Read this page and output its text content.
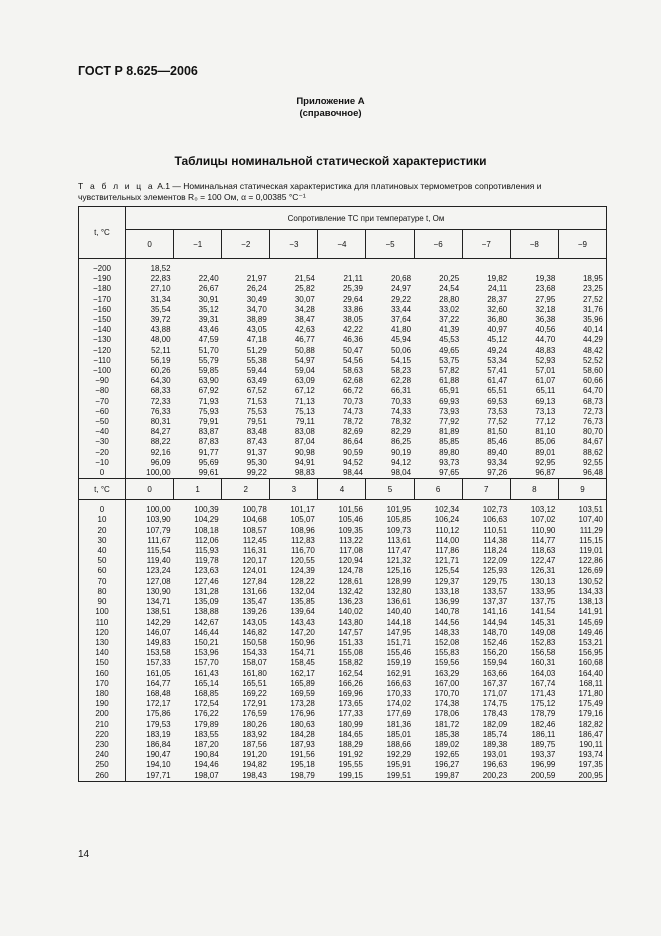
ГОСТ Р 8.625—2006
Приложение А
(справочное)
Таблицы номинальной статической характеристики
Т а б л и ц а А.1 — Номинальная статическая характеристика для платиновых термометров сопротивления и
чувствительных элементов R₀ = 100 Ом, α = 0,00385 °C⁻¹
t, °C	Сопротивление ТС при температуре t, Ом									
	0	−1	−2	−3	−4	−5	−6	−7	−8	−9

−200	18,52									
−190	22,83	22,40	21,97	21,54	21,11	20,68	20,25	19,82	19,38	18,95
−180	27,10	26,67	26,24	25,82	25,39	24,97	24,54	24,11	23,68	23,25
−170	31,34	30,91	30,49	30,07	29,64	29,22	28,80	28,37	27,95	27,52
−160	35,54	35,12	34,70	34,28	33,86	33,44	33,02	32,60	32,18	31,76
−150	39,72	39,31	38,89	38,47	38,05	37,64	37,22	36,80	36,38	35,96
−140	43,88	43,46	43,05	42,63	42,22	41,80	41,39	40,97	40,56	40,14
−130	48,00	47,59	47,18	46,77	46,36	45,94	45,53	45,12	44,70	44,29
−120	52,11	51,70	51,29	50,88	50,47	50,06	49,65	49,24	48,83	48,42
−110	56,19	55,79	55,38	54,97	54,56	54,15	53,75	53,34	52,93	52,52
−100	60,26	59,85	59,44	59,04	58,63	58,23	57,82	57,41	57,01	58,60
−90	64,30	63,90	63,49	63,09	62,68	62,28	61,88	61,47	61,07	60,66
−80	68,33	67,92	67,52	67,12	66,72	66,31	65,91	65,51	65,11	64,70
−70	72,33	71,93	71,53	71,13	70,73	70,33	69,93	69,53	69,13	68,73
−60	76,33	75,93	75,53	75,13	74,73	74,33	73,93	73,53	73,13	72,73
−50	80,31	79,91	79,51	79,11	78,72	78,32	77,92	77,52	77,12	76,73
−40	84,27	83,87	83,48	83,08	82,69	82,29	81,89	81,50	81,10	80,70
−30	88,22	87,83	87,43	87,04	86,64	86,25	85,85	85,46	85,06	84,67
−20	92,16	91,77	91,37	90,98	90,59	90,19	89,80	89,40	89,01	88,62
−10	96,09	95,69	95,30	94,91	94,52	94,12	93,73	93,34	92,95	92,55
0	100,00	99,61	99,22	98,83	98,44	98,04	97,65	97,26	96,87	96,48
t, °C	0	1	2	3	4	5	6	7	8	9

0	100,00	100,39	100,78	101,17	101,56	101,95	102,34	102,73	103,12	103,51
10	103,90	104,29	104,68	105,07	105,46	105,85	106,24	106,63	107,02	107,40
20	107,79	108,18	108,57	108,96	109,35	109,73	110,12	110,51	110,90	111,29
30	111,67	112,06	112,45	112,83	113,22	113,61	114,00	114,38	114,77	115,15
40	115,54	115,93	116,31	116,70	117,08	117,47	117,86	118,24	118,63	119,01
50	119,40	119,78	120,17	120,55	120,94	121,32	121,71	122,09	122,47	122,86
60	123,24	123,63	124,01	124,39	124,78	125,16	125,54	125,93	126,31	126,69
70	127,08	127,46	127,84	128,22	128,61	128,99	129,37	129,75	130,13	130,52
80	130,90	131,28	131,66	132,04	132,42	132,80	133,18	133,57	133,95	134,33
90	134,71	135,09	135,47	135,85	136,23	136,61	136,99	137,37	137,75	138,13
100	138,51	138,88	139,26	139,64	140,02	140,40	140,78	141,16	141,54	141,91
110	142,29	142,67	143,05	143,43	143,80	144,18	144,56	144,94	145,31	145,69
120	146,07	146,44	146,82	147,20	147,57	147,95	148,33	148,70	149,08	149,46
130	149,83	150,21	150,58	150,96	151,33	151,71	152,08	152,46	152,83	153,21
140	153,58	153,96	154,33	154,71	155,08	155,46	155,83	156,20	156,58	156,95
150	157,33	157,70	158,07	158,45	158,82	159,19	159,56	159,94	160,31	160,68
160	161,05	161,43	161,80	162,17	162,54	162,91	163,29	163,66	164,03	164,40
170	164,77	165,14	165,51	165,89	166,26	166,63	167,00	167,37	167,74	168,11
180	168,48	168,85	169,22	169,59	169,96	170,33	170,70	171,07	171,43	171,80
190	172,17	172,54	172,91	173,28	173,65	174,02	174,38	174,75	175,12	175,49
200	175,86	176,22	176,59	176,96	177,33	177,69	178,06	178,43	178,79	179,16
210	179,53	179,89	180,26	180,63	180,99	181,36	181,72	182,09	182,46	182,82
220	183,19	183,55	183,92	184,28	184,65	185,01	185,38	185,74	186,11	186,47
230	186,84	187,20	187,56	187,93	188,29	188,66	189,02	189,38	189,75	190,11
240	190,47	190,84	191,20	191,56	191,92	192,29	192,65	193,01	193,37	193,74
250	194,10	194,46	194,82	195,18	195,55	195,91	196,27	196,63	196,99	197,35
260	197,71	198,07	198,43	198,79	199,15	199,51	199,87	200,23	200,59	200,95
14
